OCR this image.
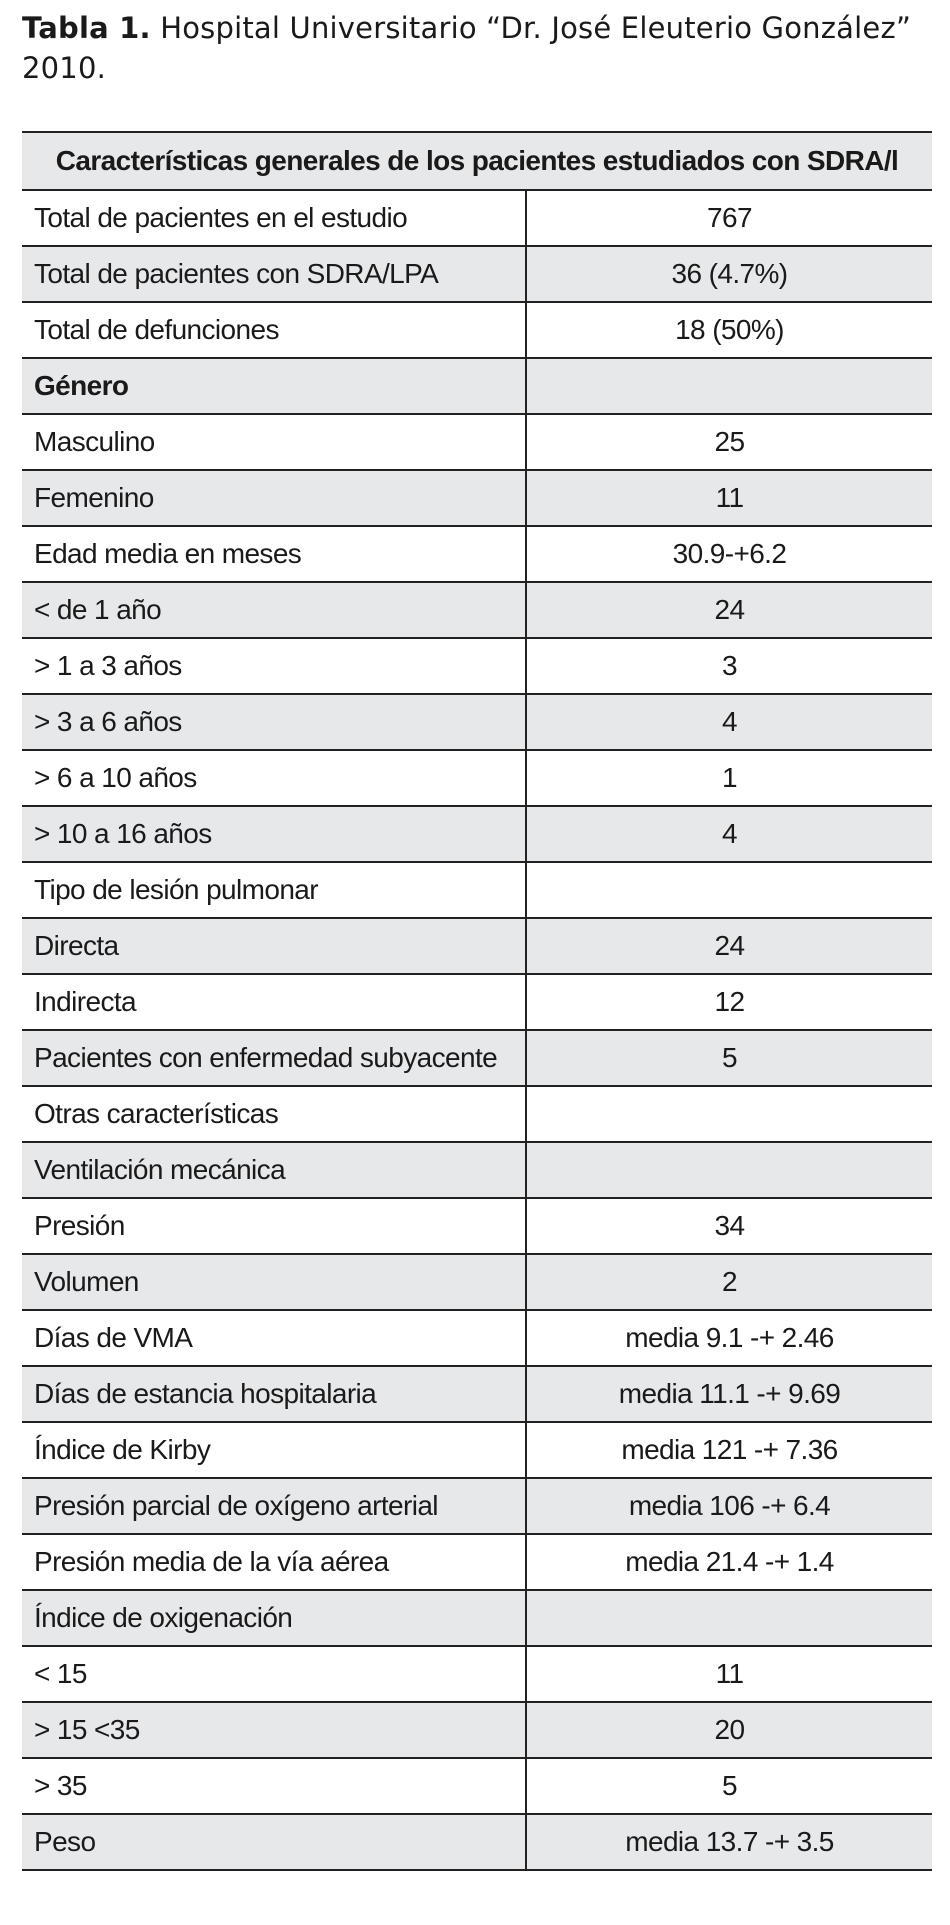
Tabla 1. Hospital Universitario “Dr. José Eleuterio González”
2010.
Características generales de los pacientes estudiados con SDRA/l	
Total de pacientes en el estudio	767
Total de pacientes con SDRA/LPA	36 (4.7%)
Total de defunciones	18 (50%)
Género	
Masculino	25
Femenino	11
Edad media en meses	30.9-+6.2
< de 1 año	24
> 1 a 3 años	3
> 3 a 6 años	4
> 6 a 10 años	1
> 10 a 16 años	4
Tipo de lesión pulmonar	
Directa	24
Indirecta	12
Pacientes con enfermedad subyacente	5
Otras características	
Ventilación mecánica	
Presión	34
Volumen	2
Días de VMA	media 9.1 -+ 2.46
Días de estancia hospitalaria	media 11.1 -+ 9.69
Índice de Kirby	media 121 -+ 7.36
Presión parcial de oxígeno arterial	media 106 -+ 6.4
Presión media de la vía aérea	media 21.4 -+ 1.4
Índice de oxigenación	
< 15	11
> 15 <35	20
> 35	5
Peso	media 13.7 -+ 3.5
